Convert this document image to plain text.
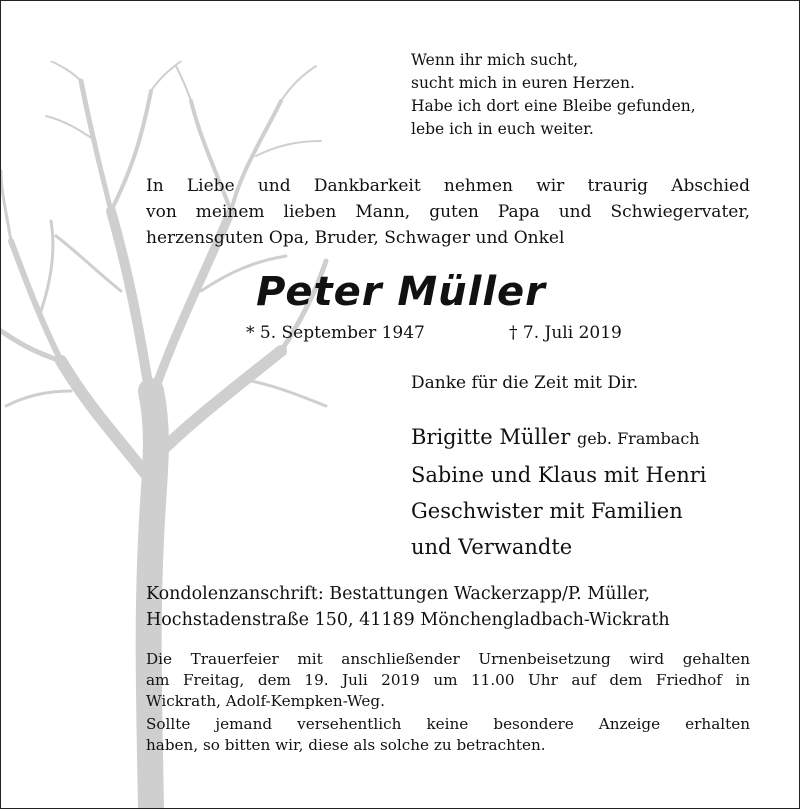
Wenn ihr mich sucht,
sucht mich in euren Herzen.
Habe ich dort eine Bleibe gefunden,
lebe ich in euch weiter.
In Liebe und Dankbarkeit nehmen wir traurig Abschied
von meinem lieben Mann, guten Papa und Schwiegervater,
herzensguten Opa, Bruder, Schwager und Onkel
Peter Müller
* 5. September 1947	† 7. Juli 2019
Danke für die Zeit mit Dir.
Brigitte Müller geb. Frambach
Sabine und Klaus mit Henri
Geschwister mit Familien
und Verwandte
Kondolenzanschrift: Bestattungen Wackerzapp/P. Müller,
Hochstadenstraße 150, 41189 Mönchengladbach-Wickrath
Die Trauerfeier mit anschließender Urnenbeisetzung wird gehalten
am Freitag, dem 19. Juli 2019 um 11.00 Uhr auf dem Friedhof in
Wickrath, Adolf-Kempken-Weg.
Sollte jemand versehentlich keine besondere Anzeige erhalten
haben, so bitten wir, diese als solche zu betrachten.
